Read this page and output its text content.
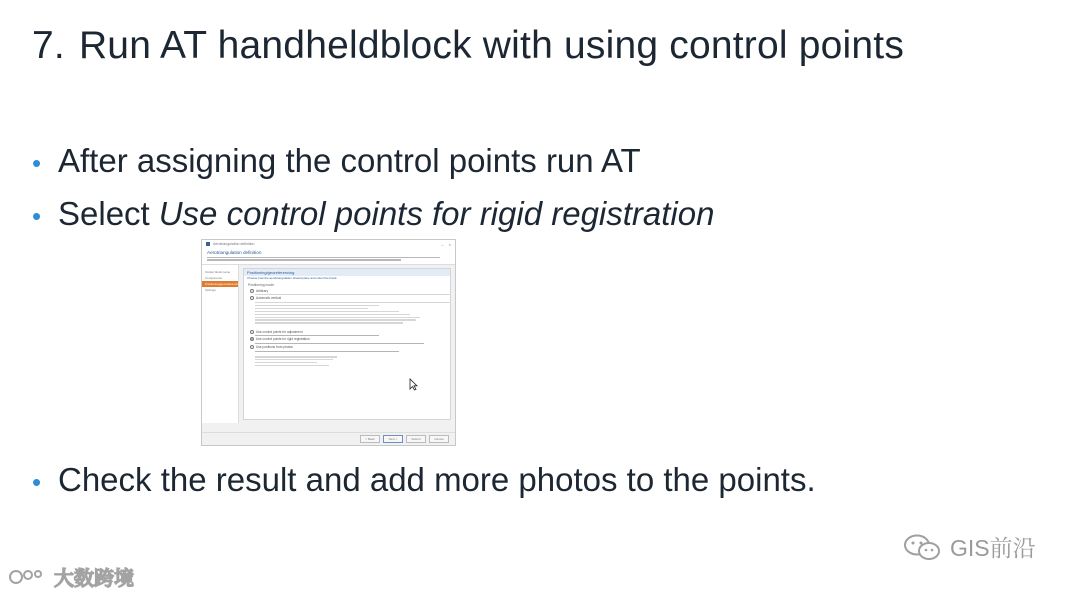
7. Run AT handheldblock with using control points
• After assigning the control points run AT
• Select Use control points for rigid registration
Aerotriangulation definition	– ×
Aerotriangulation definition
Output block name
Components
Positioning/georeferencing
Settings
Positioning/georeferencing
Choose how the aerotriangulation should place and orient the block.
Positioning mode
Arbitrary
Automatic vertical
Use control points for adjustment
Use control points for rigid registration
Use positions from photos
< Back	Next >	Submit	Cancel
• Check the result and add more photos to the points.
大数跨境
GIS前沿
